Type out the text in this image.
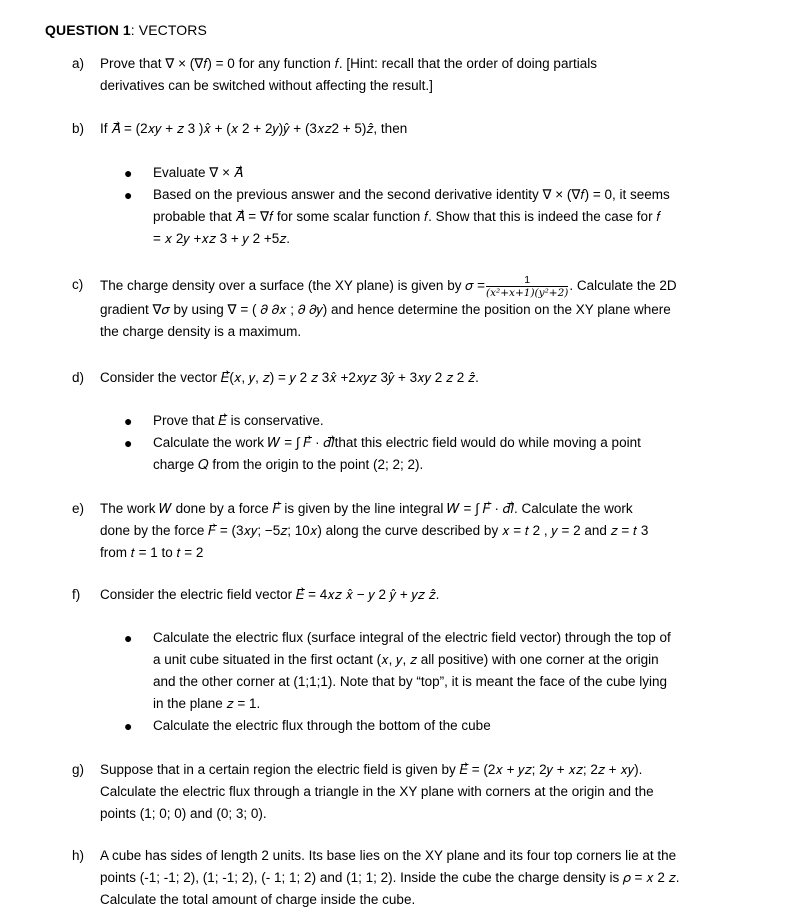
QUESTION 1: VECTORS
a)	Prove that ∇ × (∇𝑓) = 0 for any function 𝑓. [Hint: recall that the order of doing partials
derivatives can be switched without affecting the result.]
b)	If 𝐴⃗ = (2𝑥𝑦 + 𝑧 3 )𝑥̂ + (𝑥 2 + 2𝑦)𝑦̂ + (3𝑥𝑧2 + 5)𝑧̂, then
● Evaluate ∇ × 𝐴⃗
● Based on the previous answer and the second derivative identity ∇ × (∇𝑓) = 0, it seems
probable that 𝐴⃗ = ∇𝑓 for some scalar function 𝑓. Show that this is indeed the case for 𝑓
= 𝑥 2𝑦 +𝑥𝑧 3 + 𝑦 2 +5𝑧.
c)	The charge density over a surface (the XY plane) is given by 𝜎 = $\frac{1}{\text{(x²+x+1)(y²+2)}}$ . Calculate the 2D
gradient ∇𝜎 by using ∇ = ( 𝜕 𝜕𝑥 ; 𝜕 𝜕𝑦) and hence determine the position on the XY plane where
the charge density is a maximum.
d)	Consider the vector 𝐸⃗⃗(𝑥, 𝑦, 𝑧) = 𝑦 2 𝑧 3𝑥̂ +2𝑥𝑦𝑧 3𝑦̂ + 3𝑥𝑦 2 𝑧 2 𝑧̂.
● Prove that 𝐸⃗⃗ is conservative.
● Calculate the work 𝑊 = ∫ 𝐹⃗ · 𝑑𝑙⃗that this electric field would do while moving a point
charge 𝑄 from the origin to the point (2; 2; 2).
e)	The work 𝑊 done by a force 𝐹⃗ is given by the line integral 𝑊 = ∫ 𝐹⃗ · 𝑑𝑙⃗. Calculate the work
done by the force 𝐹⃗ = (3𝑥𝑦; −5𝑧; 10𝑥) along the curve described by 𝑥 = 𝑡 2 , 𝑦 = 2 and 𝑧 = 𝑡 3
from 𝑡 = 1 to 𝑡 = 2
f)	Consider the electric field vector 𝐸⃗⃗ = 4𝑥𝑧 𝑥̂ − 𝑦 2 𝑦̂ + 𝑦𝑧 𝑧̂.
● Calculate the electric flux (surface integral of the electric field vector) through the top of
a unit cube situated in the first octant (𝑥, 𝑦, 𝑧 all positive) with one corner at the origin
and the other corner at (1;1;1). Note that by “top”, it is meant the face of the cube lying
in the plane 𝑧 = 1.
● Calculate the electric flux through the bottom of the cube
g)	Suppose that in a certain region the electric field is given by 𝐸⃗⃗ = (2𝑥 + 𝑦𝑧; 2𝑦 + 𝑥𝑧; 2𝑧 + 𝑥𝑦).
Calculate the electric flux through a triangle in the XY plane with corners at the origin and the
points (1; 0; 0) and (0; 3; 0).
h)	A cube has sides of length 2 units. Its base lies on the XY plane and its four top corners lie at the
points (-1; -1; 2), (1; -1; 2), (- 1; 1; 2) and (1; 1; 2). Inside the cube the charge density is 𝜌 = 𝑥 2 𝑧.
Calculate the total amount of charge inside the cube.
